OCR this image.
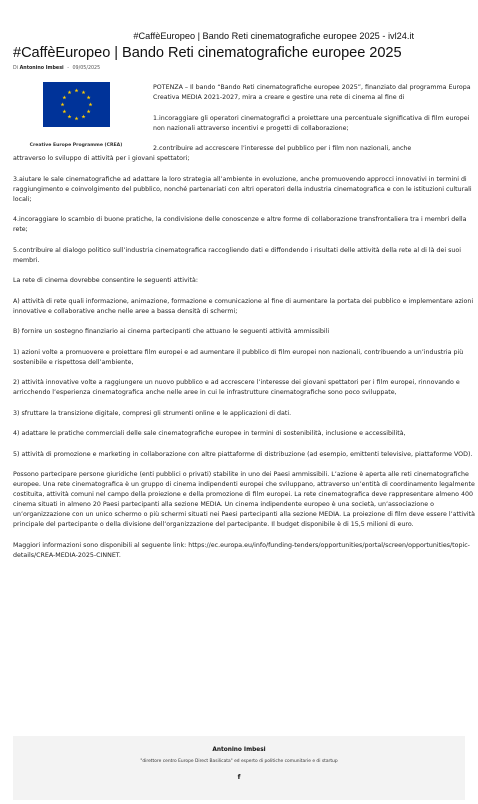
#CaffèEuropeo | Bando Reti cinematografiche europee 2025 - ivl24.it
#CaffèEuropeo | Bando Reti cinematografiche europee 2025
Di Antonino Imbesi - 09/05/2025
Creative Europe Programme (CREA)

POTENZA – Il bando “Bando Reti cinematografiche europee 2025”, finanziato dal programma Europa Creativa MEDIA 2021-2027, mira a creare e gestire una rete di cinema al fine di

1.incoraggiare gli operatori cinematografici a proiettare una percentuale significativa di film europei non nazionali attraverso incentivi e progetti di collaborazione;

2.contribuire ad accrescere l’interesse del pubblico per i film non nazionali, anche

attraverso lo sviluppo di attività per i giovani spettatori;

3.aiutare le sale cinematografiche ad adattare la loro strategia all’ambiente in evoluzione, anche promuovendo approcci innovativi in termini di raggiungimento e coinvolgimento del pubblico, nonché partenariati con altri operatori della industria cinematografica e con le istituzioni culturali locali;

4.incoraggiare lo scambio di buone pratiche, la condivisione delle conoscenze e altre forme di collaborazione transfrontaliera tra i membri della rete;

5.contribuire al dialogo politico sull’industria cinematografica raccogliendo dati e diffondendo i risultati delle attività della rete al di là dei suoi membri.

La rete di cinema dovrebbe consentire le seguenti attività:

A) attività di rete quali informazione, animazione, formazione e comunicazione al fine di aumentare la portata dei pubblico e implementare azioni innovative e collaborative anche nelle aree a bassa densità di schermi;

B) fornire un sostegno finanziario ai cinema partecipanti che attuano le seguenti attività ammissibili

1) azioni volte a promuovere e proiettare film europei e ad aumentare il pubblico di film europei non nazionali, contribuendo a un’industria più sostenibile e rispettosa dell’ambiente,

2) attività innovative volte a raggiungere un nuovo pubblico e ad accrescere l’interesse dei giovani spettatori per i film europei, rinnovando e arricchendo l’esperienza cinematografica anche nelle aree in cui le infrastrutture cinematografiche sono poco sviluppate,

3) sfruttare la transizione digitale, compresi gli strumenti online e le applicazioni di dati.

4) adattare le pratiche commerciali delle sale cinematografiche europee in termini di sostenibilità, inclusione e accessibilità,

5) attività di promozione e marketing in collaborazione con altre piattaforme di distribuzione (ad esempio, emittenti televisive, piattaforme VOD).

Possono partecipare persone giuridiche (enti pubblici o privati) stabilite in uno dei Paesi ammissibili. L’azione è aperta alle reti cinematografiche europee. Una rete cinematografica è un gruppo di cinema indipendenti europei che sviluppano, attraverso un’entità di coordinamento legalmente costituita, attività comuni nel campo della proiezione e della promozione di film europei. La rete cinematografica deve rappresentare almeno 400 cinema situati in almeno 20 Paesi partecipanti alla sezione MEDIA. Un cinema indipendente europeo è una società, un’associazione o un’organizzazione con un unico schermo o più schermi situati nei Paesi partecipanti alla sezione MEDIA. La proiezione di film deve essere l’attività principale del partecipante o della divisione dell’organizzazione del partecipante. Il budget disponibile è di 15,5 milioni di euro.

Maggiori informazioni sono disponibili al seguente link: https://ec.europa.eu/info/funding-tenders/opportunities/portal/screen/opportunities/topic-details/CREA-MEDIA-2025-CINNET.

Antonino Imbesi
"direttore centro Europe Direct Basilicata" ed esperto di politiche comunitarie e di startup
f
